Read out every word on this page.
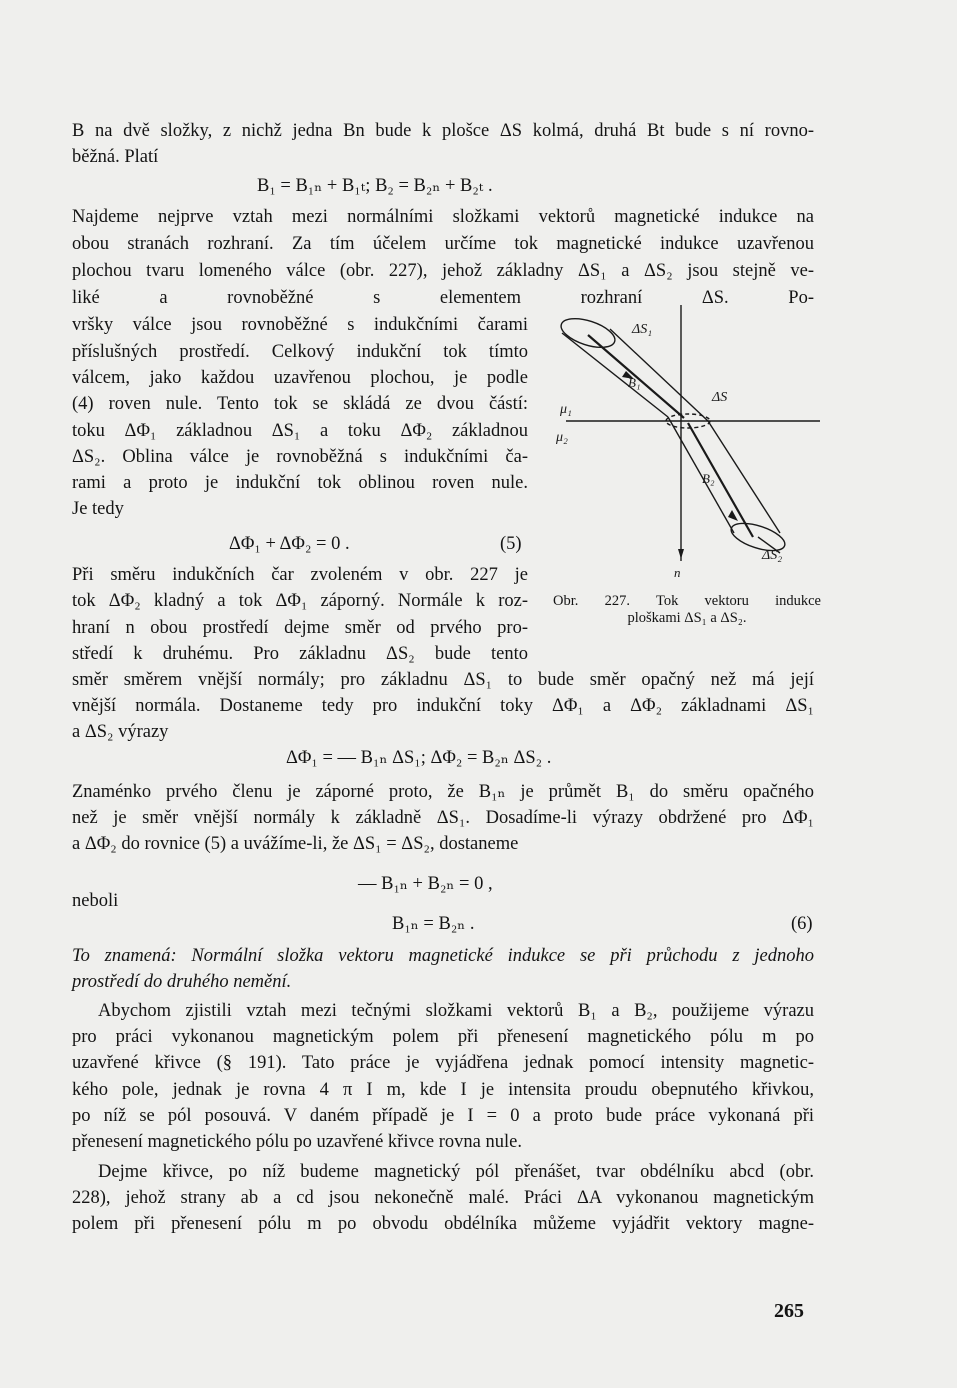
B na dvě složky, z nichž jedna Bn bude k plošce ΔS kolmá, druhá Bt bude s ní rovno-
běžná. Platí
B₁ = B₁ₙ + B₁ₜ; B₂ = B₂ₙ + B₂ₜ .
Najdeme nejprve vztah mezi normálními složkami vektorů magnetické indukce na
obou stranách rozhraní. Za tím účelem určíme tok magnetické indukce uzavřenou
plochou tvaru lomeného válce (obr. 227), jehož základny ΔS₁ a ΔS₂ jsou stejně ve-
liké a rovnoběžné s elementem rozhraní ΔS. Po-
vršky válce jsou rovnoběžné s indukčními čarami
příslušných prostředí. Celkový indukční tok tímto
válcem, jako každou uzavřenou plochou, je podle
(4) roven nule. Tento tok se skládá ze dvou částí:
toku ΔΦ₁ základnou ΔS₁ a toku ΔΦ₂ základnou
ΔS₂. Oblina válce je rovnoběžná s indukčními ča-
rami a proto je indukční tok oblinou roven nule.
Je tedy
ΔΦ₁ + ΔΦ₂ = 0 .	(5)
Při směru indukčních čar zvoleném v obr. 227 je
tok ΔΦ₂ kladný a tok ΔΦ₁ záporný. Normále k roz-
hraní n obou prostředí dejme směr od prvého pro-
středí k druhému. Pro základnu ΔS₂ bude tento
směr směrem vnější normály; pro základnu ΔS₁ to bude směr opačný než má její
vnější normála. Dostaneme tedy pro indukční toky ΔΦ₁ a ΔΦ₂ základnami ΔS₁
a ΔS₂ výrazy
ΔΦ₁ = — B₁ₙ ΔS₁; ΔΦ₂ = B₂ₙ ΔS₂ .
Znaménko prvého členu je záporné proto, že B₁ₙ je průmět B₁ do směru opačného
než je směr vnější normály k základně ΔS₁. Dosadíme-li výrazy obdržené pro ΔΦ₁
a ΔΦ₂ do rovnice (5) a uvážíme-li, že ΔS₁ = ΔS₂, dostaneme
— B₁ₙ + B₂ₙ = 0 ,
neboli
B₁ₙ = B₂ₙ .	(6)
To znamená: Normální složka vektoru magnetické indukce se při průchodu z jednoho
prostředí do druhého nemění.
Abychom zjistili vztah mezi tečnými složkami vektorů B₁ a B₂, použijeme výrazu
pro práci vykonanou magnetickým polem při přenesení magnetického pólu m po
uzavřené křivce (§ 191). Tato práce je vyjádřena jednak pomocí intensity magnetic-
kého pole, jednak je rovna 4 π I m, kde I je intensita proudu obepnutého křivkou,
po níž se pól posouvá. V daném případě je I = 0 a proto bude práce vykonaná při
přenesení magnetického pólu po uzavřené křivce rovna nule.
Dejme křivce, po níž budeme magnetický pól přenášet, tvar obdélníku abcd (obr.
228), jehož strany ab a cd jsou nekonečně malé. Práci ΔA vykonanou magnetickým
polem při přenesení pólu m po obvodu obdélníka můžeme vyjádřit vektory magne-
ΔS₁
ΔS
ΔS₂
B₁
B₂
μ₁
μ₂
n
Obr. 227. Tok vektoru indukce
ploškami ΔS₁ a ΔS₂.
265
